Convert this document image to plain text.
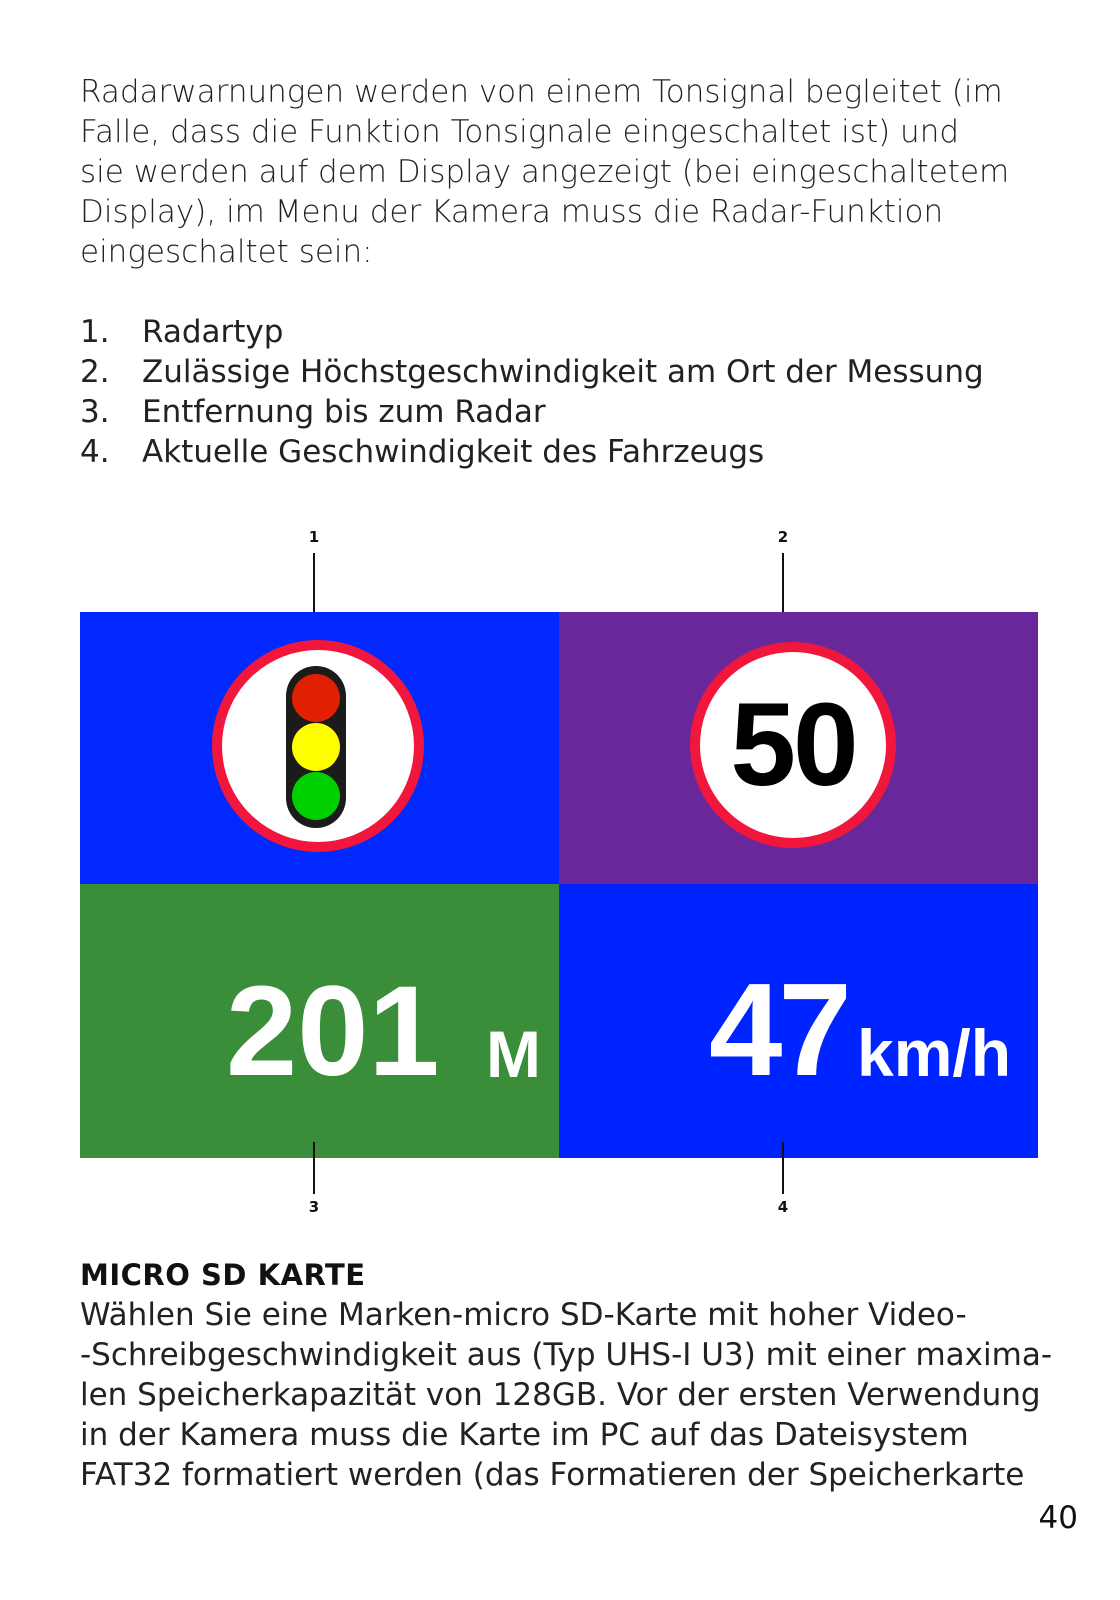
Radarwarnungen werden von einem Tonsignal begleitet (im
Falle, dass die Funktion Tonsignale eingeschaltet ist) und
sie werden auf dem Display angezeigt (bei eingeschaltetem
Display), im Menu der Kamera muss die Radar-Funktion
eingeschaltet sein:

1. Radartyp
2. Zulässige Höchstgeschwindigkeit am Ort der Messung
3. Entfernung bis zum Radar
4. Aktuelle Geschwindigkeit des Fahrzeugs
1	2
50
201 M 47 km/h
3	4
MICRO SD KARTE

Wählen Sie eine Marken-micro SD-Karte mit hoher Video-
-Schreibgeschwindigkeit aus (Typ UHS-I U3) mit einer maxima-
len Speicherkapazität von 128GB. Vor der ersten Verwendung
in der Kamera muss die Karte im PC auf das Dateisystem
FAT32 formatiert werden (das Formatieren der Speicherkarte

40
